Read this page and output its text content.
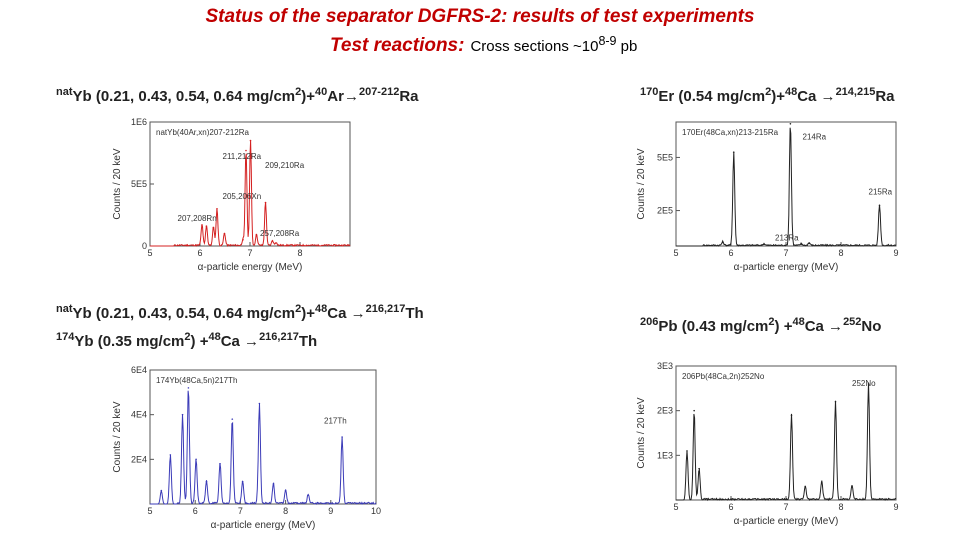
Status of the separator DGFRS-2: results of test experiments
Test reactions: Cross sections ~10$^{8-9}$ pb
$^{nat}$Yb (0.21, 0.43, 0.54, 0.64 $mg/cm^2)+^{40}Ar\to^{207-212}Ra$	$^{170}$Er (0.54 $mg/cm^2)+^{48}Ca \to^{214,215}Ra$
$^{nat}$Yb (0.21, 0.43, 0.54, 0.64 $mg/cm^2)+^{48}Ca \to^{216,217}Th$
$^{174}$Yb (0.35 $mg/cm^2) +^{48}Ca \to^{216,217}Th$
$^{206}$Pb (0.43 $mg/cm^2) +^{48}Ca \to^{252}No$
5	6	7	8
0
5E5
1E6
α-particle energy (MeV)
Counts / 20 keV
natYb(40Ar,xn)207-212Ra
211,212Ra
209,210Ra
205,206Xn
207,208Rn
257,208Ra
5	6	7	8	9
2E5
5E5
α-particle energy (MeV)
Counts / 20 keV
170Er(48Ca,xn)213-215Ra
214Ra
215Ra
213Ra
5	6	7	8	9	10
2E4
4E4
6E4
α-particle energy (MeV)
Counts / 20 keV
174Yb(48Ca,5n)217Th
217Th
5	6	7	8	9
1E3
2E3
3E3
α-particle energy (MeV)
Counts / 20 keV
206Pb(48Ca,2n)252No
252No
